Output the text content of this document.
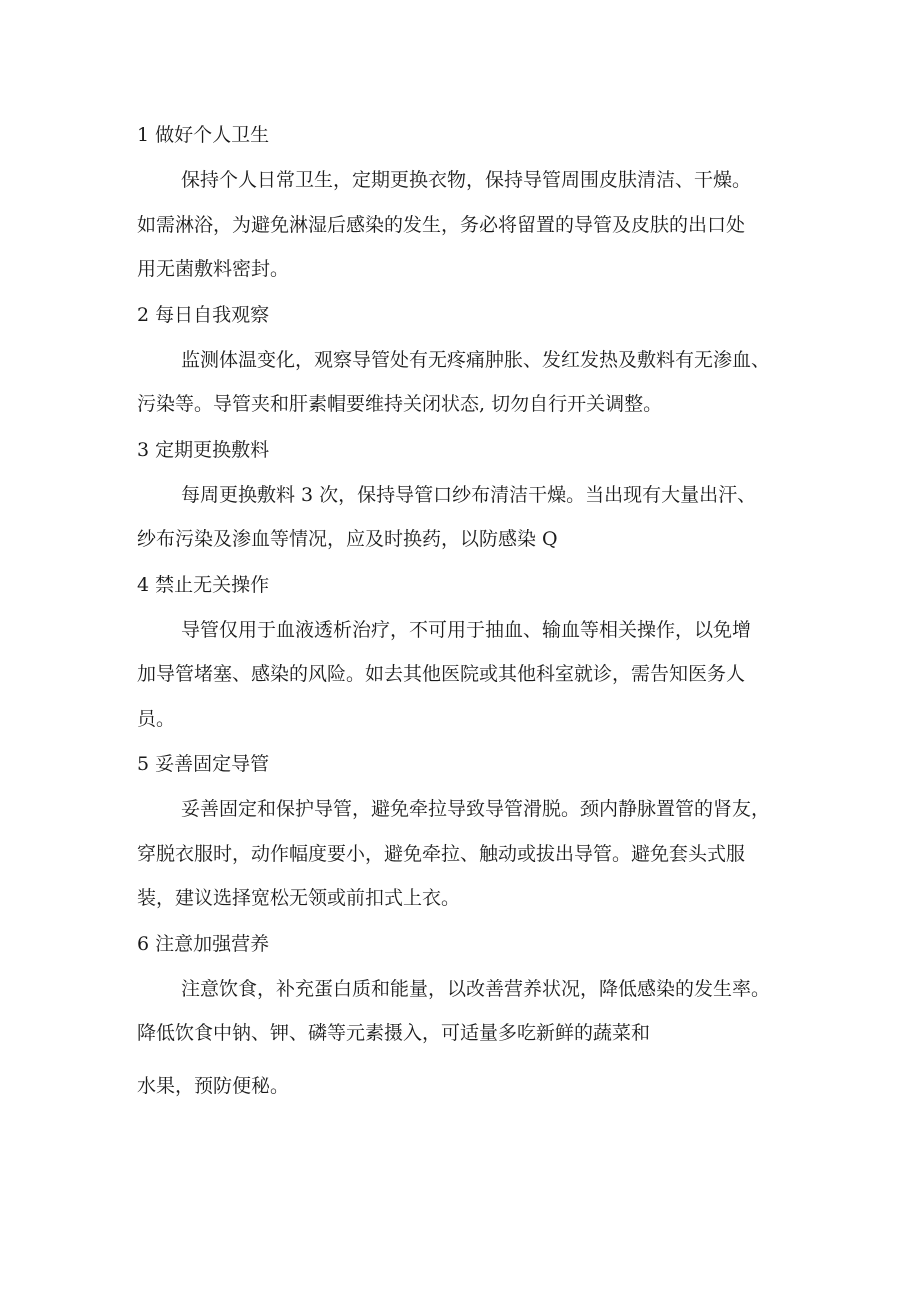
1 做好个人卫生

保持个人日常卫生，定期更换衣物，保持导管周围皮肤清洁、干燥。
如需淋浴，为避免淋湿后感染的发生，务必将留置的导管及皮肤的出口处
用无菌敷料密封。

2 每日自我观察

监测体温变化，观察导管处有无疼痛肿胀、发红发热及敷料有无渗血、
污染等。导管夹和肝素帽要维持关闭状态, 切勿自行开关调整。

3 定期更换敷料

每周更换敷料 3 次，保持导管口纱布清洁干燥。当出现有大量出汗、
纱布污染及渗血等情况，应及时换药，以防感染 Q

4 禁止无关操作

导管仅用于血液透析治疗，不可用于抽血、输血等相关操作，以免增
加导管堵塞、感染的风险。如去其他医院或其他科室就诊，需告知医务人
员。

5 妥善固定导管

妥善固定和保护导管，避免牵拉导致导管滑脱。颈内静脉置管的肾友，
穿脱衣服时，动作幅度要小，避免牵拉、触动或拔出导管。避免套头式服
装，建议选择宽松无领或前扣式上衣。

6 注意加强营养

注意饮食，补充蛋白质和能量，以改善营养状况，降低感染的发生率。
降低饮食中钠、钾、磷等元素摄入，可适量多吃新鲜的蔬菜和

水果，预防便秘。
